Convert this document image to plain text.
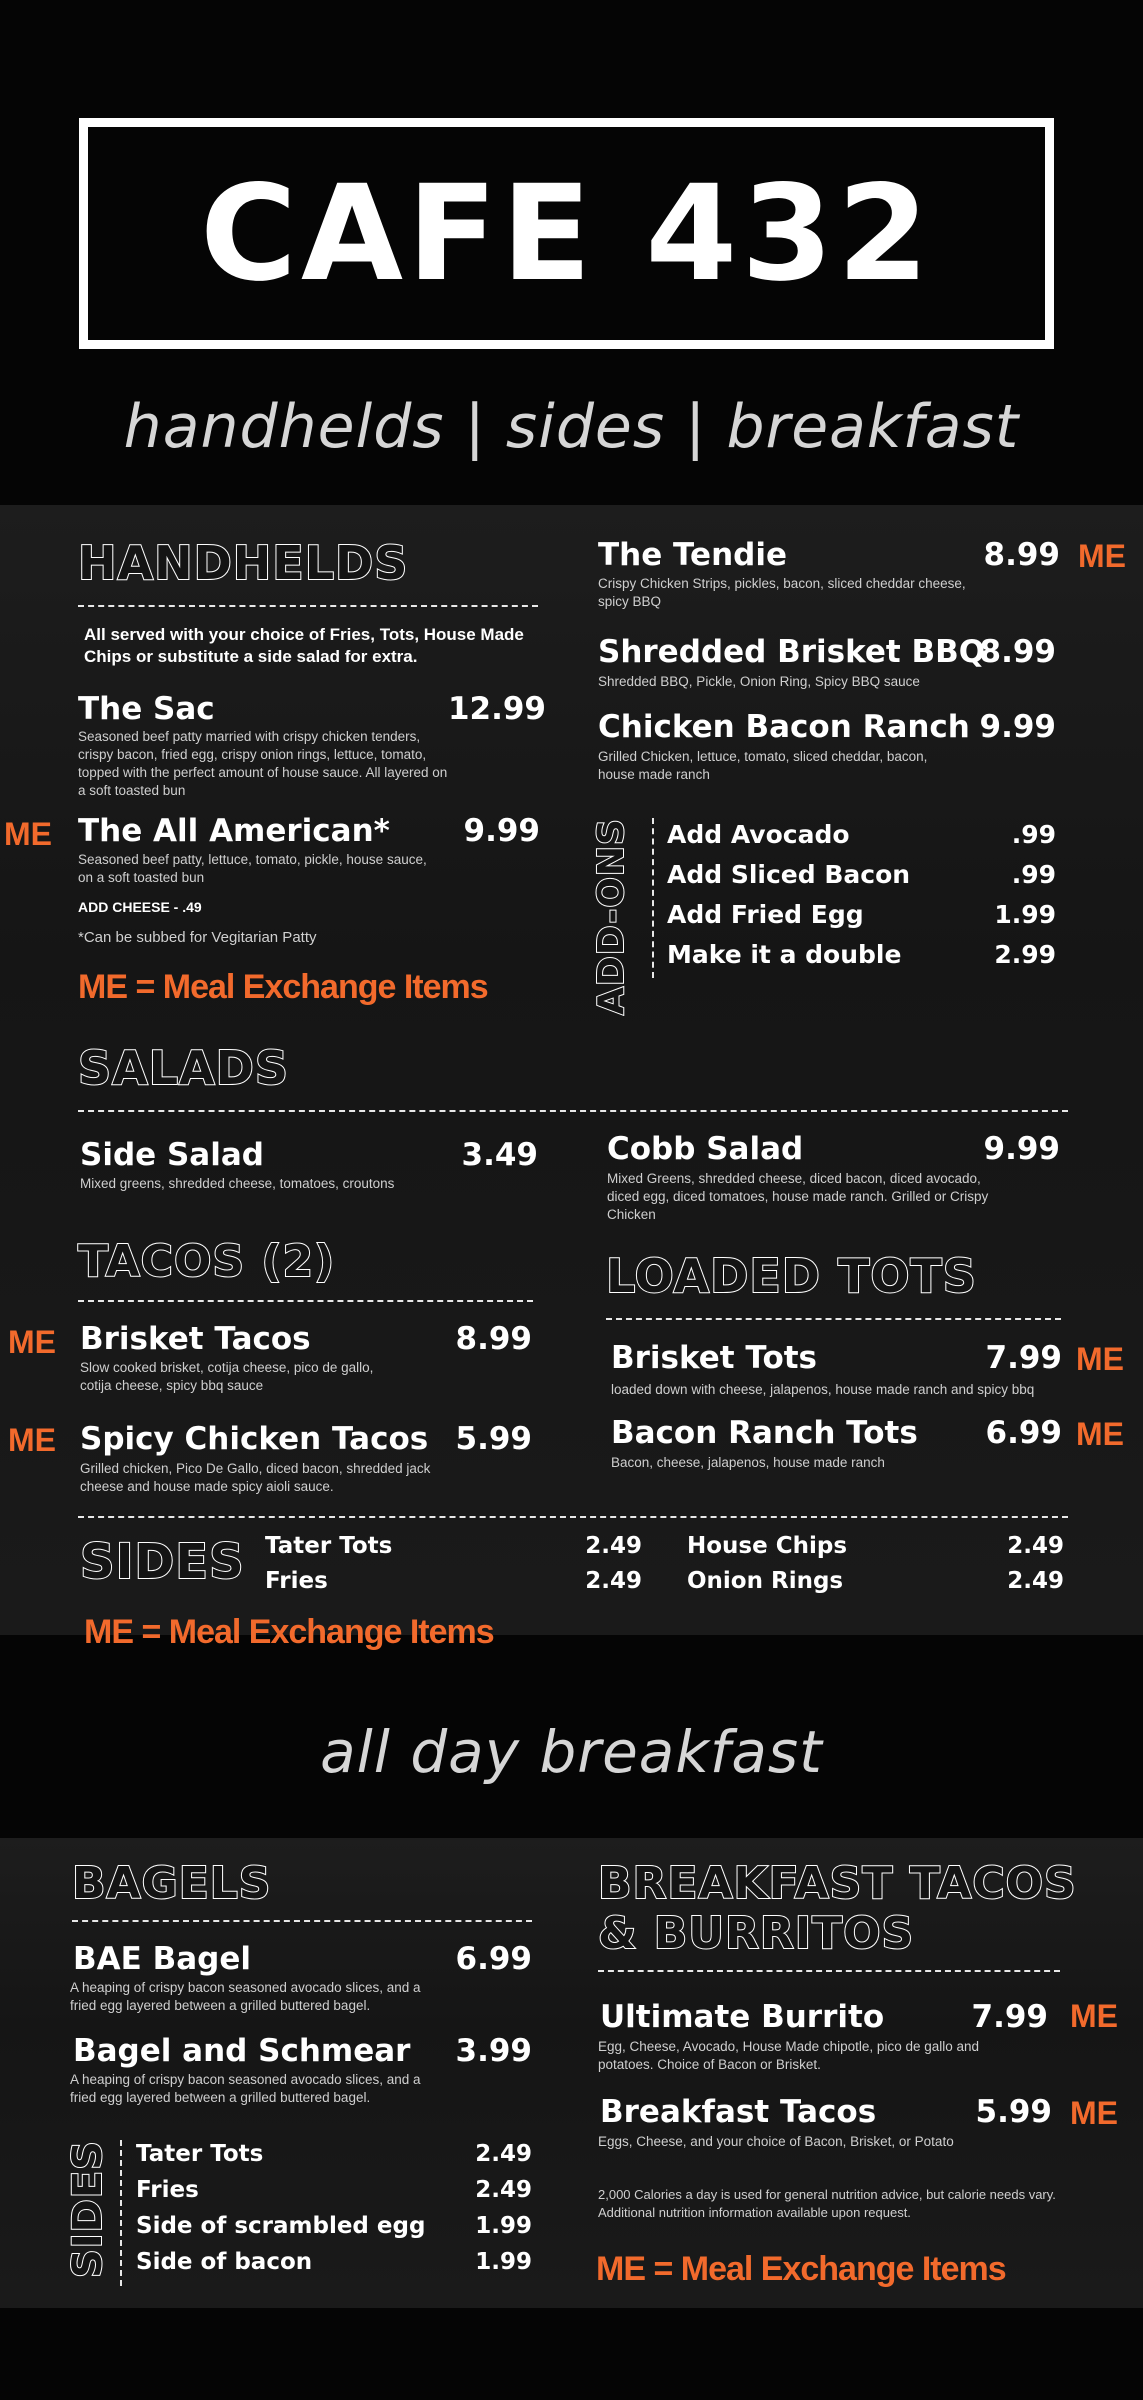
CAFE 432
handhelds | sides | breakfast
HANDHELDS
All served with your choice of Fries, Tots, House Made Chips or substitute a side salad for extra.
The Sac	12.99
Seasoned beef patty married with crispy chicken tenders, crispy bacon, fried egg, crispy onion rings, lettuce, tomato, topped with the perfect amount of house sauce. All layered on a soft toasted bun
ME The All American*	9.99
Seasoned beef patty, lettuce, tomato, pickle, house sauce, on a soft toasted bun
ADD CHEESE - .49
*Can be subbed for Vegitarian Patty
ME = Meal Exchange Items
The Tendie	8.99 ME
Crispy Chicken Strips, pickles, bacon, sliced cheddar cheese, spicy BBQ
Shredded Brisket BBQ
8.99
Shredded BBQ, Pickle, Onion Ring, Spicy BBQ sauce
Chicken Bacon Ranch 9.99
Grilled Chicken, lettuce, tomato, sliced cheddar, bacon, house made ranch
ADD-ONS Add Avocado	.99
Add Sliced Bacon	.99
Add Fried Egg	1.99
Make it a double	2.99
SALADS
Side Salad	3.49
Mixed greens, shredded cheese, tomatoes, croutons
Cobb Salad	9.99
Mixed Greens, shredded cheese, diced bacon, diced avocado, diced egg, diced tomatoes, house made ranch. Grilled or Crispy Chicken
TACOS (2)
ME Brisket Tacos	8.99
Slow cooked brisket, cotija cheese, pico de gallo, cotija cheese, spicy bbq sauce
ME Spicy Chicken Tacos 5.99
Grilled chicken, Pico De Gallo, diced bacon, shredded jack cheese and house made spicy aioli sauce.
LOADED TOTS
Brisket Tots	7.99 ME
loaded down with cheese, jalapenos, house made ranch and spicy bbq
Bacon Ranch Tots	6.99 ME
Bacon, cheese, jalapenos, house made ranch
SIDES Tater Tots	2.49
Fries	2.49
House Chips	2.49
Onion Rings	2.49
ME = Meal Exchange Items
all day breakfast
BAGELS
BAE Bagel	6.99
A heaping of crispy bacon seasoned avocado slices, and a fried egg layered between a grilled buttered bagel.
Bagel and Schmear	3.99
A heaping of crispy bacon seasoned avocado slices, and a fried egg layered between a grilled buttered bagel.
SIDES Tater Tots	2.49
Fries	2.49
Side of scrambled egg	1.99
Side of bacon	1.99
BREAKFAST TACOS
& BURRITOS
Ultimate Burrito	7.99 ME
Egg, Cheese, Avocado, House Made chipotle, pico de gallo and potatoes. Choice of Bacon or Brisket.
Breakfast Tacos	5.99 ME
Eggs, Cheese, and your choice of Bacon, Brisket, or Potato
2,000 Calories a day is used for general nutrition advice, but calorie needs vary. Additional nutrition information available upon request.
ME = Meal Exchange Items
